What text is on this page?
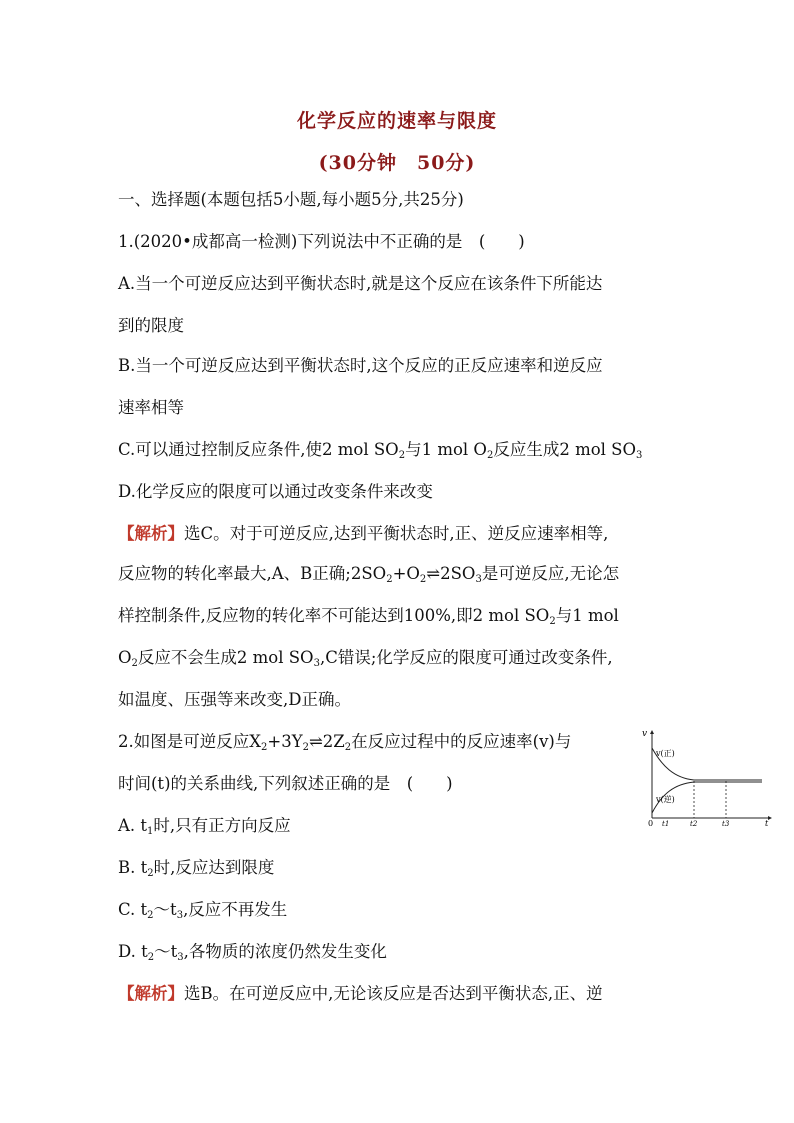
化学反应的速率与限度
(30分钟　50分)
一、选择题(本题包括5小题,每小题5分,共25分)
1.(2020•成都高一检测)下列说法中不正确的是　(　　)
A.当一个可逆反应达到平衡状态时,就是这个反应在该条件下所能达
到的限度
B.当一个可逆反应达到平衡状态时,这个反应的正反应速率和逆反应
速率相等
C.可以通过控制反应条件,使2 mol $SO_2$与1 mol $O_2$反应生成2 mol $SO_3$
D.化学反应的限度可以通过改变条件来改变
【解析】选C。对于可逆反应,达到平衡状态时,正、逆反应速率相等,
反应物的转化率最大,A、B正确$;2SO_2+O_2\rightleftharpoons 2SO_3$是可逆反应,无论怎
样控制条件,反应物的转化率不可能达到100%,即2 mol $SO_2$与1 mol
$O_2$反应不会生成2 mol $SO_3,C$错误;化学反应的限度可通过改变条件,
如温度、压强等来改变,D正确。
2.如图是可逆反应$X_2+3Y_2\rightleftharpoons 2Z_2$在反应过程中的反应速率(v)与
时间(t)的关系曲线,下列叙述正确的是　(　　)
A. $t_1$时,只有正方向反应
B. $t_2$时,反应达到限度
C. $t_2\sim t_3$,反应不再发生
D. $t_2\sim t_3$,各物质的浓度仍然发生变化
【解析】选B。在可逆反应中,无论该反应是否达到平衡状态,正、逆
v
0	t
t1	t2	t3
v(正)
v(逆)
